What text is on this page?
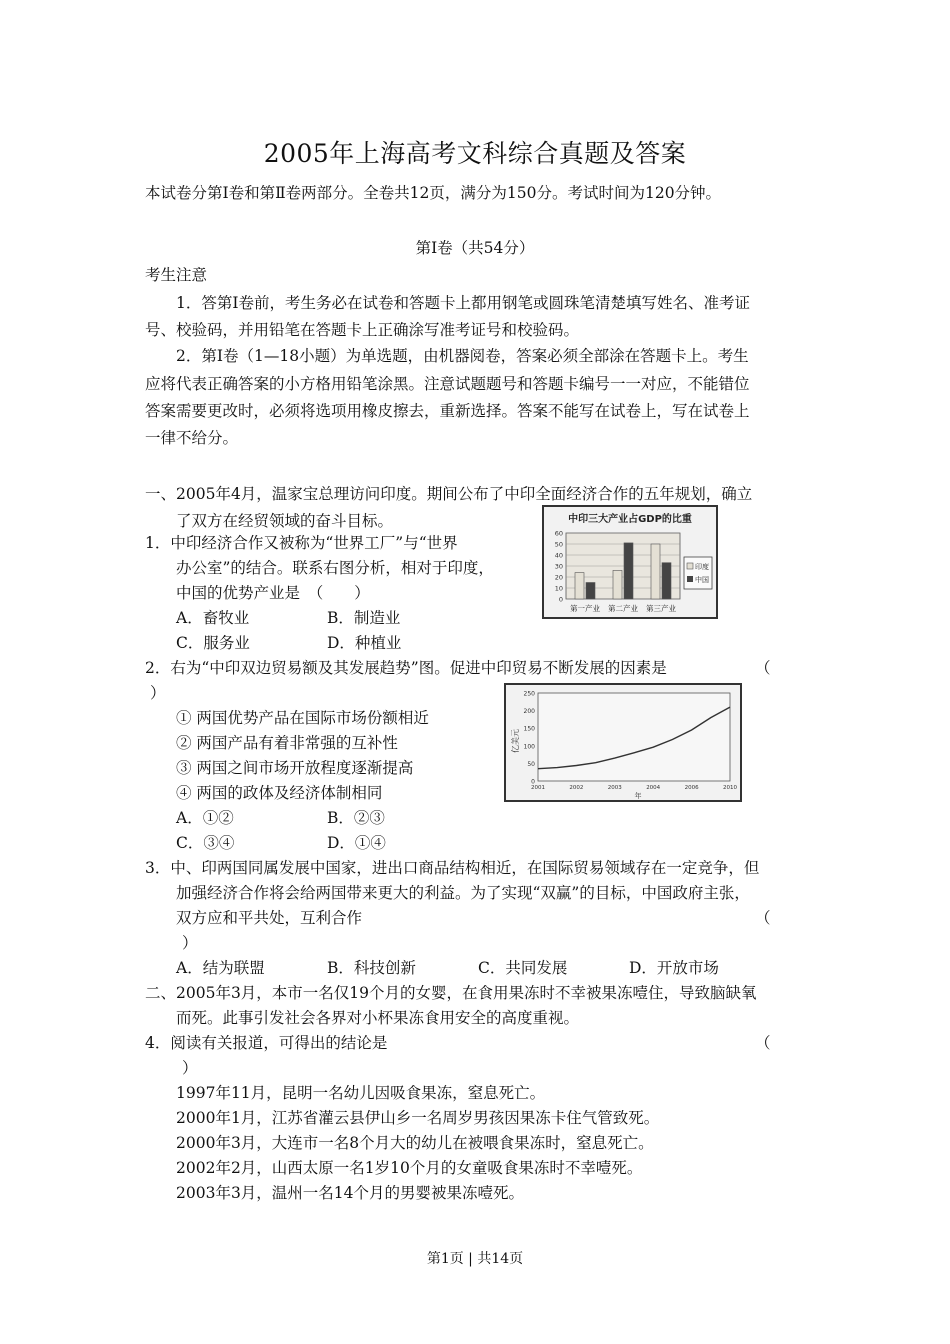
2005年上海高考文科综合真题及答案
本试卷分第Ⅰ卷和第Ⅱ卷两部分。全卷共12页，满分为150分。考试时间为120分钟。
第Ⅰ卷（共54分）
考生注意
1．答第Ⅰ卷前，考生务必在试卷和答题卡上都用钢笔或圆珠笔清楚填写姓名、准考证
号、校验码，并用铅笔在答题卡上正确涂写准考证号和校验码。
2．第Ⅰ卷（1—18小题）为单选题，由机器阅卷，答案必须全部涂在答题卡上。考生
应将代表正确答案的小方格用铅笔涂黑。注意试题题号和答题卡编号一一对应，不能错位
答案需要更改时，必须将选项用橡皮擦去，重新选择。答案不能写在试卷上，写在试卷上
一律不给分。
一、2005年4月，温家宝总理访问印度。期间公布了中印全面经济合作的五年规划，确立
了双方在经贸领域的奋斗目标。
1．中印经济合作又被称为“世界工厂”与“世界
办公室”的结合。联系右图分析，相对于印度，
中国的优势产业是　（　　）
A．畜牧业	B．制造业
C．服务业	D．种植业
中印三大产业占GDP的比重
0
10
20
30
40
50
60
第一产业 第二产业 第三产业
印度
中国
2．右为“中印双边贸易额及其发展趋势”图。促进中印贸易不断发展的因素是	（
）
① 两国优势产品在国际市场份额相近
② 两国产品有着非常强的互补性
③ 两国之间市场开放程度逐渐提高
④ 两国的政体及经济体制相同
A．①②	B．②③
C．③④	D．①④
亿美元
0
50
100
150
200
250
2001	2002	2003	2004	2006	2010
年
3．中、印两国同属发展中国家，进出口商品结构相近，在国际贸易领域存在一定竞争，但
加强经济合作将会给两国带来更大的利益。为了实现“双赢”的目标，中国政府主张，
双方应和平共处，互利合作	（
）
A．结为联盟	B．科技创新	C．共同发展	D．开放市场
二、2005年3月，本市一名仅19个月的女婴，在食用果冻时不幸被果冻噎住，导致脑缺氧
而死。此事引发社会各界对小杯果冻食用安全的高度重视。
4．阅读有关报道，可得出的结论是	（
）
1997年11月，昆明一名幼儿因吸食果冻，窒息死亡。
2000年1月，江苏省灌云县伊山乡一名周岁男孩因果冻卡住气管致死。
2000年3月，大连市一名8个月大的幼儿在被喂食果冻时，窒息死亡。
2002年2月，山西太原一名1岁10个月的女童吸食果冻时不幸噎死。
2003年3月，温州一名14个月的男婴被果冻噎死。
第1页 | 共14页
